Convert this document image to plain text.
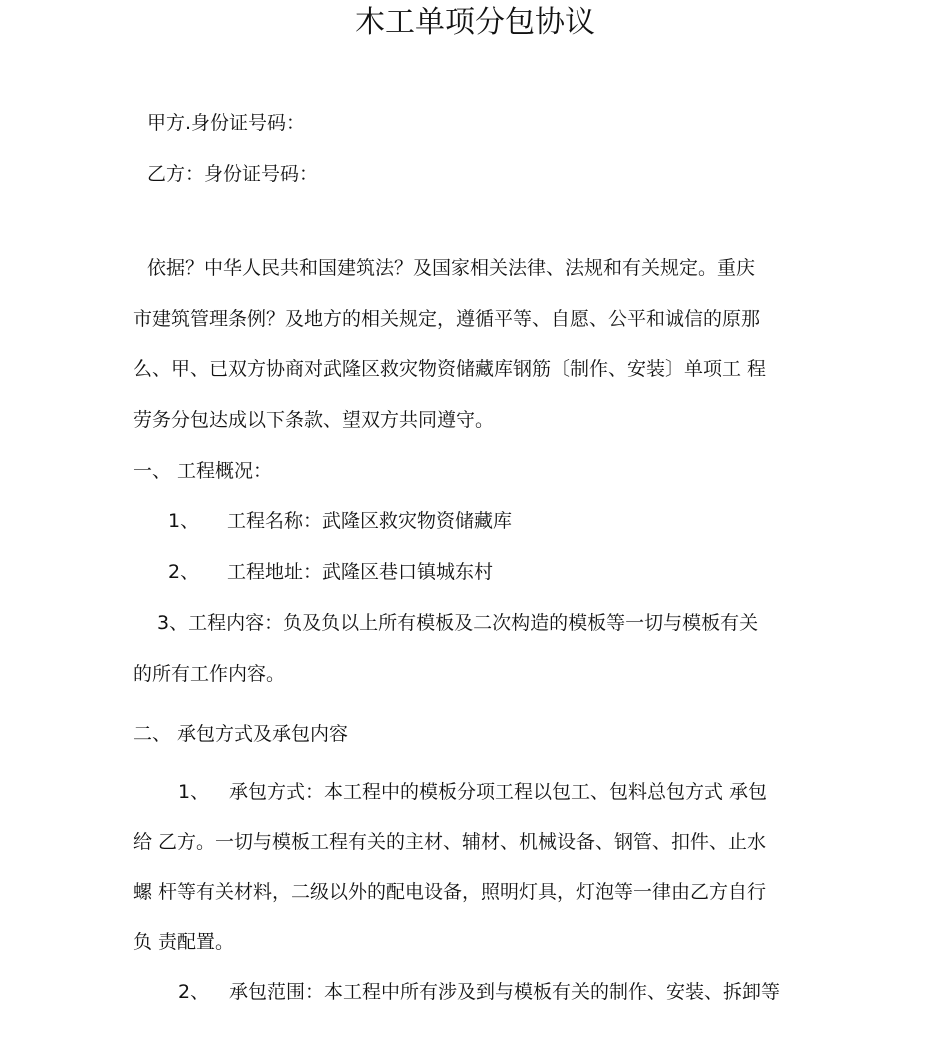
木工单项分包协议
甲方.身份证号码：
乙方：身份证号码：
依据？中华人民共和国建筑法？及国家相关法律、法规和有关规定。重庆
市建筑管理条例？及地方的相关规定，遵循平等、自愿、公平和诚信的原那
么、甲、已双方协商对武隆区救灾物资储藏库钢筋〔制作、安装〕单项工 程
劳务分包达成以下条款、望双方共同遵守。
一、 工程概况：
1、 工程名称：武隆区救灾物资储藏库
2、 工程地址：武隆区巷口镇城东村
3、工程内容：负及负以上所有模板及二次构造的模板等一切与模板有关
的所有工作内容。
二、 承包方式及承包内容
1、 承包方式：本工程中的模板分项工程以包工、包料总包方式 承包
给 乙方。一切与模板工程有关的主材、辅材、机械设备、钢管、扣件、止水
螺 杆等有关材料，二级以外的配电设备，照明灯具，灯泡等一律由乙方自行
负 责配置。
2、 承包范围：本工程中所有涉及到与模板有关的制作、安装、拆卸等
